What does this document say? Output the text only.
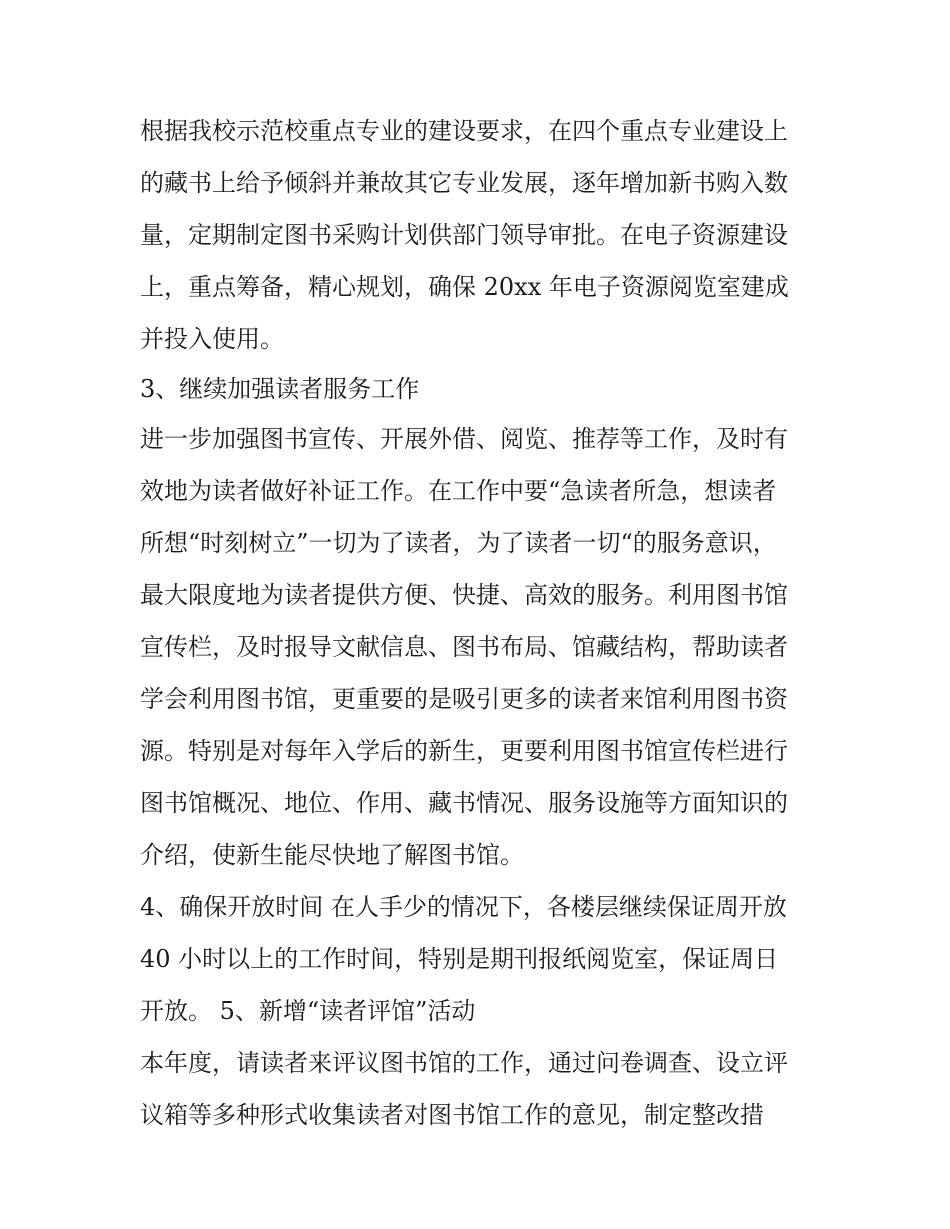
根据我校示范校重点专业的建设要求，在四个重点专业建设上
的藏书上给予倾斜并兼故其它专业发展，逐年增加新书购入数
量，定期制定图书采购计划供部门领导审批。在电子资源建设
上，重点筹备，精心规划，确保 20xx 年电子资源阅览室建成
并投入使用。
3、继续加强读者服务工作
进一步加强图书宣传、开展外借、阅览、推荐等工作，及时有
效地为读者做好补证工作。在工作中要“急读者所急，想读者
所想“时刻树立”一切为了读者，为了读者一切“的服务意识，
最大限度地为读者提供方便、快捷、高效的服务。利用图书馆
宣传栏，及时报导文献信息、图书布局、馆藏结构，帮助读者
学会利用图书馆，更重要的是吸引更多的读者来馆利用图书资
源。特别是对每年入学后的新生，更要利用图书馆宣传栏进行
图书馆概况、地位、作用、藏书情况、服务设施等方面知识的
介绍，使新生能尽快地了解图书馆。
4、确保开放时间 在人手少的情况下，各楼层继续保证周开放
40 小时以上的工作时间，特别是期刊报纸阅览室，保证周日
开放。 5、新增“读者评馆”活动
本年度，请读者来评议图书馆的工作，通过问卷调查、设立评
议箱等多种形式收集读者对图书馆工作的意见，制定整改措
